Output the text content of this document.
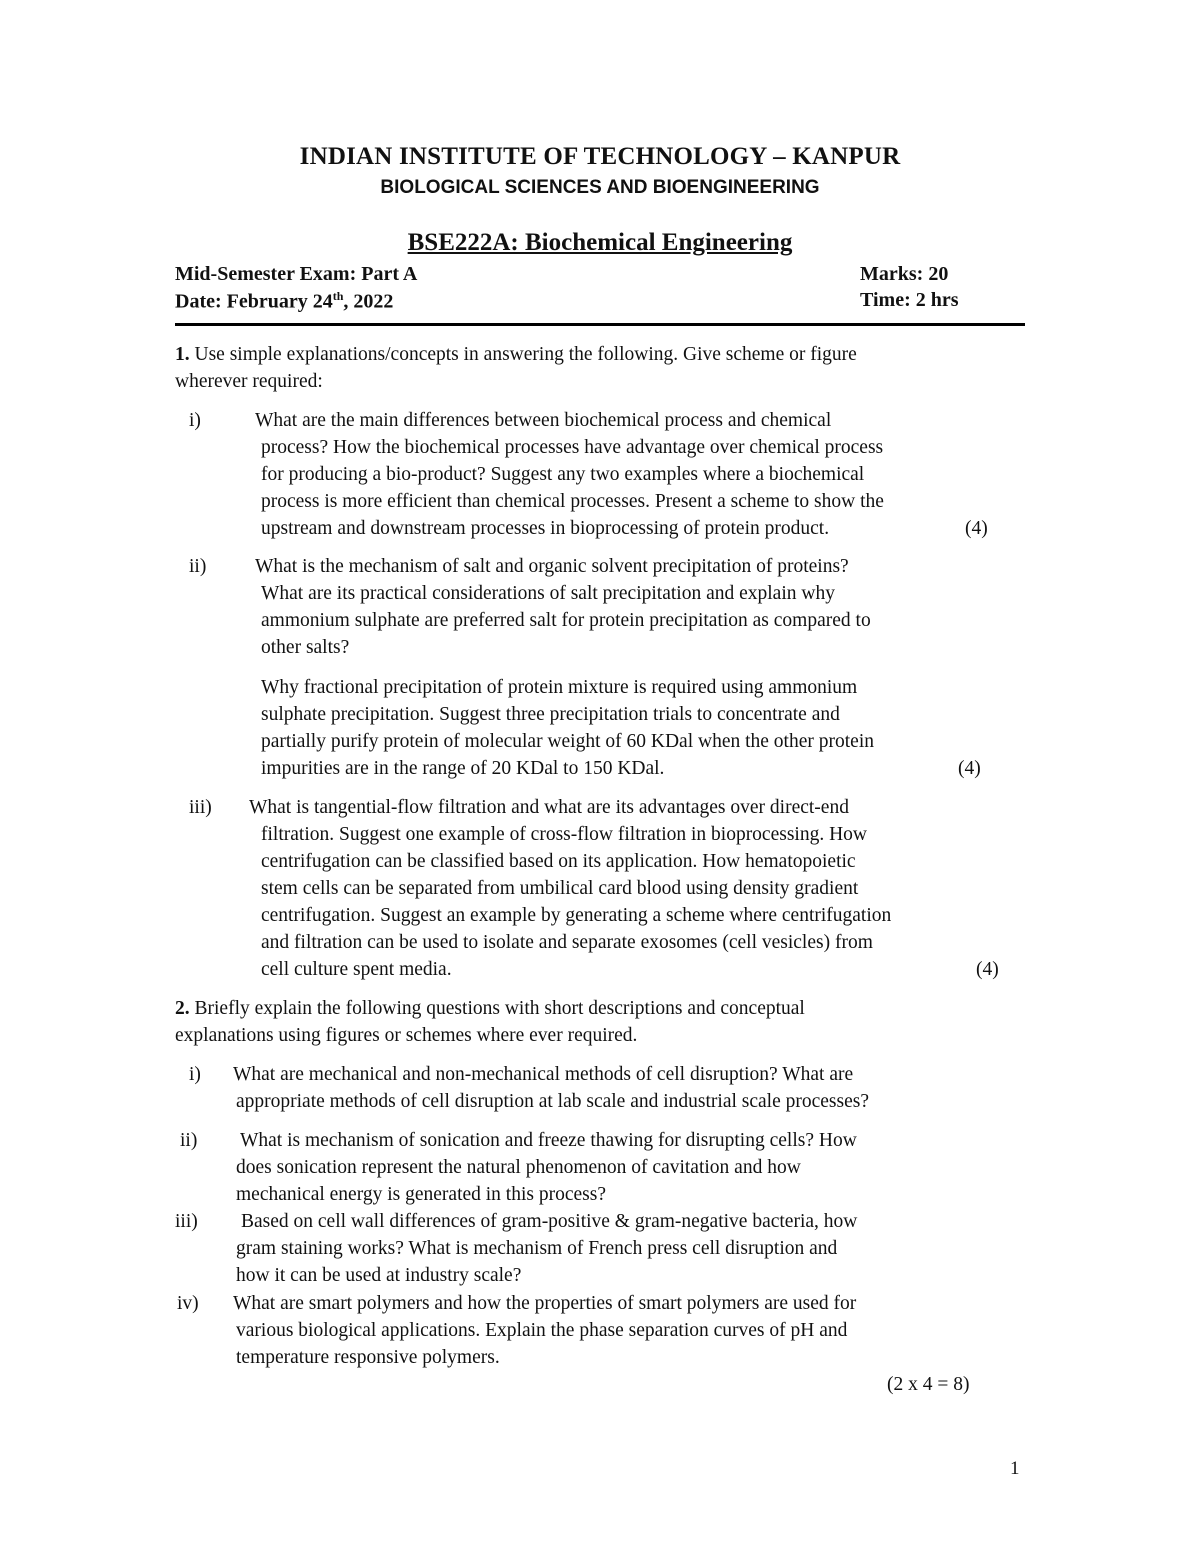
INDIAN INSTITUTE OF TECHNOLOGY – KANPUR
BIOLOGICAL SCIENCES AND BIOENGINEERING
BSE222A: Biochemical Engineering
Mid-Semester Exam: Part A	Marks: 20
Date: February 24th, 2022	Time: 2 hrs
1. Use simple explanations/concepts in answering the following. Give scheme or figure
wherever required:
i)	What are the main differences between biochemical process and chemical
process? How the biochemical processes have advantage over chemical process
for producing a bio-product? Suggest any two examples where a biochemical
process is more efficient than chemical processes. Present a scheme to show the
upstream and downstream processes in bioprocessing of protein product.	(4)
ii) What is the mechanism of salt and organic solvent precipitation of proteins?
What are its practical considerations of salt precipitation and explain why
ammonium sulphate are preferred salt for protein precipitation as compared to
other salts?
Why fractional precipitation of protein mixture is required using ammonium
sulphate precipitation. Suggest three precipitation trials to concentrate and
partially purify protein of molecular weight of 60 KDal when the other protein
impurities are in the range of 20 KDal to 150 KDal.	(4)
iii) What is tangential-flow filtration and what are its advantages over direct-end
filtration. Suggest one example of cross-flow filtration in bioprocessing. How
centrifugation can be classified based on its application. How hematopoietic
stem cells can be separated from umbilical card blood using density gradient
centrifugation. Suggest an example by generating a scheme where centrifugation
and filtration can be used to isolate and separate exosomes (cell vesicles) from
cell culture spent media.	(4)
2. Briefly explain the following questions with short descriptions and conceptual
explanations using figures or schemes where ever required.
i) What are mechanical and non-mechanical methods of cell disruption? What are
appropriate methods of cell disruption at lab scale and industrial scale processes?
ii) What is mechanism of sonication and freeze thawing for disrupting cells? How
does sonication represent the natural phenomenon of cavitation and how
mechanical energy is generated in this process?
iii) Based on cell wall differences of gram-positive & gram-negative bacteria, how
gram staining works? What is mechanism of French press cell disruption and
how it can be used at industry scale?
iv) What are smart polymers and how the properties of smart polymers are used for
various biological applications. Explain the phase separation curves of pH and
temperature responsive polymers.
(2 x 4 = 8)
1
